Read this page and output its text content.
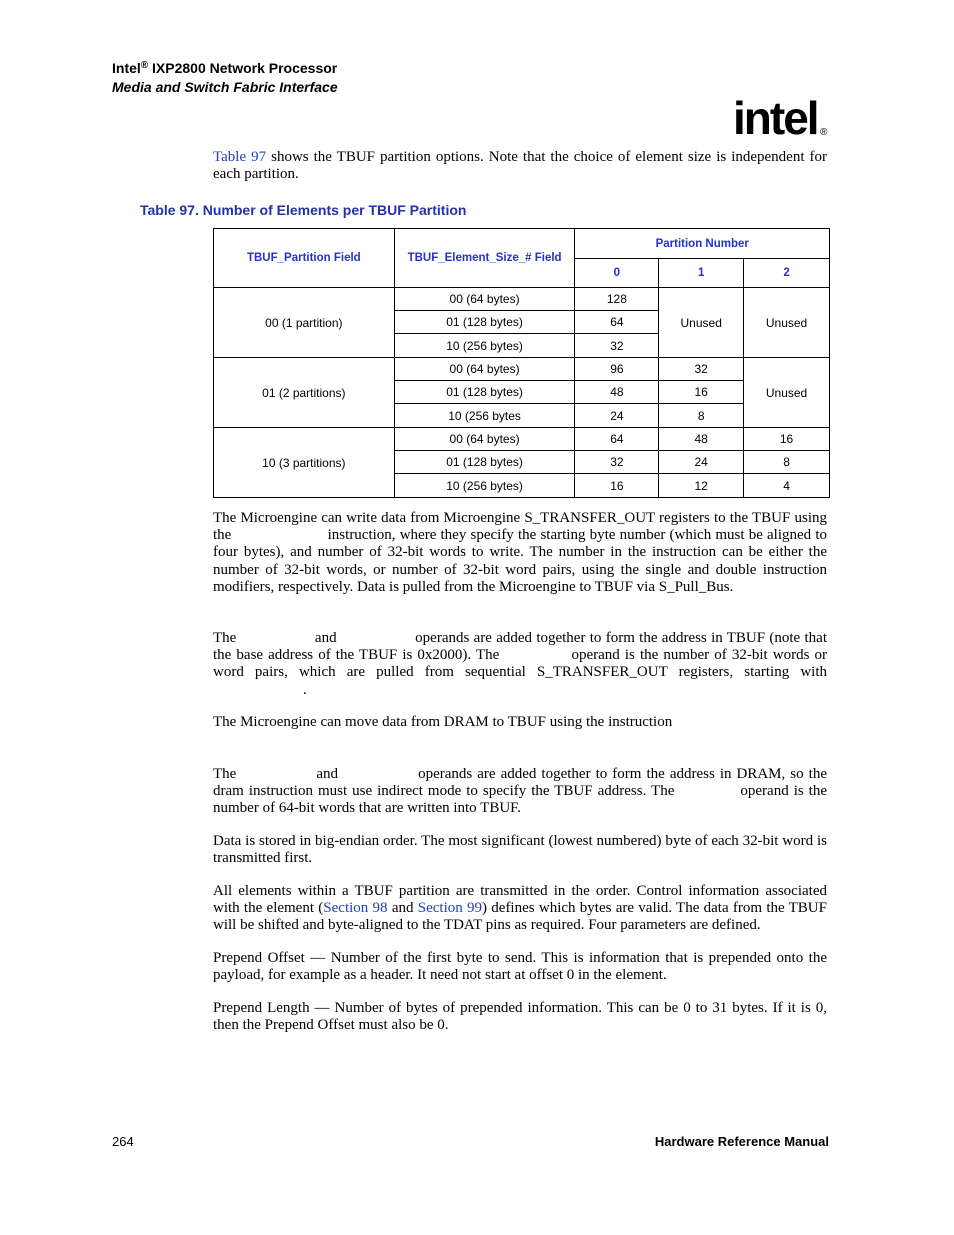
Intel® IXP2800 Network Processor
Media and Switch Fabric Interface
intel ®

Table 97 shows the TBUF partition options. Note that the choice of element size is independent for each partition.

Table 97. Number of Elements per TBUF Partition
TBUF_Partition Field	TBUF_Element_Size_# Field	Partition Number		
		0	1	2
00 (1 partition)	00 (64 bytes)	128	Unused	Unused
	01 (128 bytes)	64		
	10 (256 bytes)	32		
01 (2 partitions)	00 (64 bytes)	96	32	Unused
	01 (128 bytes)	48	16	
	10 (256 bytes	24	8	
10 (3 partitions)	00 (64 bytes)	64	48	16
	01 (128 bytes)	32	24	8
	10 (256 bytes)	16	12	4

The Microengine can write data from Microengine S_TRANSFER_OUT registers to the TBUF using the	instruction, where they specify the starting byte number (which must be aligned to four bytes), and number of 32-bit words to write. The number in the instruction can be either the number of 32-bit words, or number of 32-bit word pairs, using the single and double instruction modifiers, respectively. Data is pulled from the Microengine to TBUF via S_Pull_Bus.

The	and	operands are added together to form the address in TBUF (note that the base address of the TBUF is 0x2000). The	operand is the number of 32-bit words or word pairs, which are pulled from sequential S_TRANSFER_OUT registers, starting with .

The Microengine can move data from DRAM to TBUF using the instruction

The	and	operands are added together to form the address in DRAM, so the dram instruction must use indirect mode to specify the TBUF address. The	operand is the number of 64-bit words that are written into TBUF.

Data is stored in big-endian order. The most significant (lowest numbered) byte of each 32-bit word is transmitted first.

All elements within a TBUF partition are transmitted in the order. Control information associated with the element (Section 98 and Section 99) defines which bytes are valid. The data from the TBUF will be shifted and byte-aligned to the TDAT pins as required. Four parameters are defined.

Prepend Offset — Number of the first byte to send. This is information that is prepended onto the payload, for example as a header. It need not start at offset 0 in the element.

Prepend Length — Number of bytes of prepended information. This can be 0 to 31 bytes. If it is 0, then the Prepend Offset must also be 0.

264	Hardware Reference Manual
